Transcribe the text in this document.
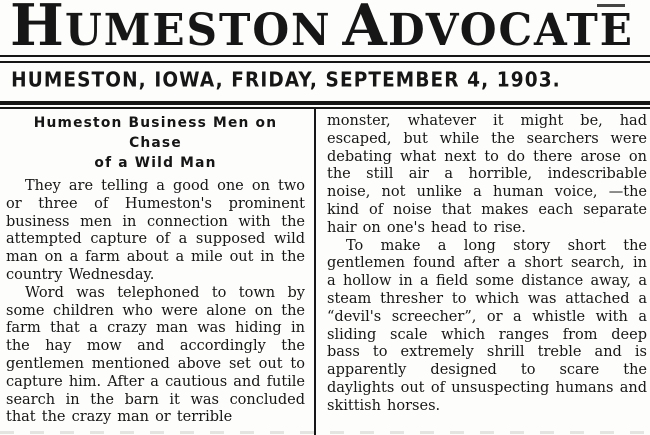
H UMESTON A DVOCATE
HUMESTON, IOWA, FRIDAY, SEPTEMBER 4, 1903.
Humeston Business Men on Chase
of a Wild Man

They are telling a good one on two or three of Humeston's prominent business men in connection with the attempted capture of a supposed wild man on a farm about a mile out in the country Wednesday.

Word was telephoned to town by some children who were alone on the farm that a crazy man was hiding in the hay mow and accordingly the gentlemen mentioned above set out to capture him. After a cautious and futile search in the barn it was concluded that the crazy man or terrible

monster, whatever it might be, had escaped, but while the searchers were debating what next to do there arose on the still air a horrible, indescribable noise, not unlike a human voice, —the kind of noise that makes each separate hair on one's head to rise.

To make a long story short the gentlemen found after a short search, in a hollow in a field some distance away, a steam thresher to which was attached a “devil's screecher”, or a whistle with a sliding scale which ranges from deep bass to extremely shrill treble and is apparently designed to scare the daylights out of unsuspecting humans and skittish horses.
